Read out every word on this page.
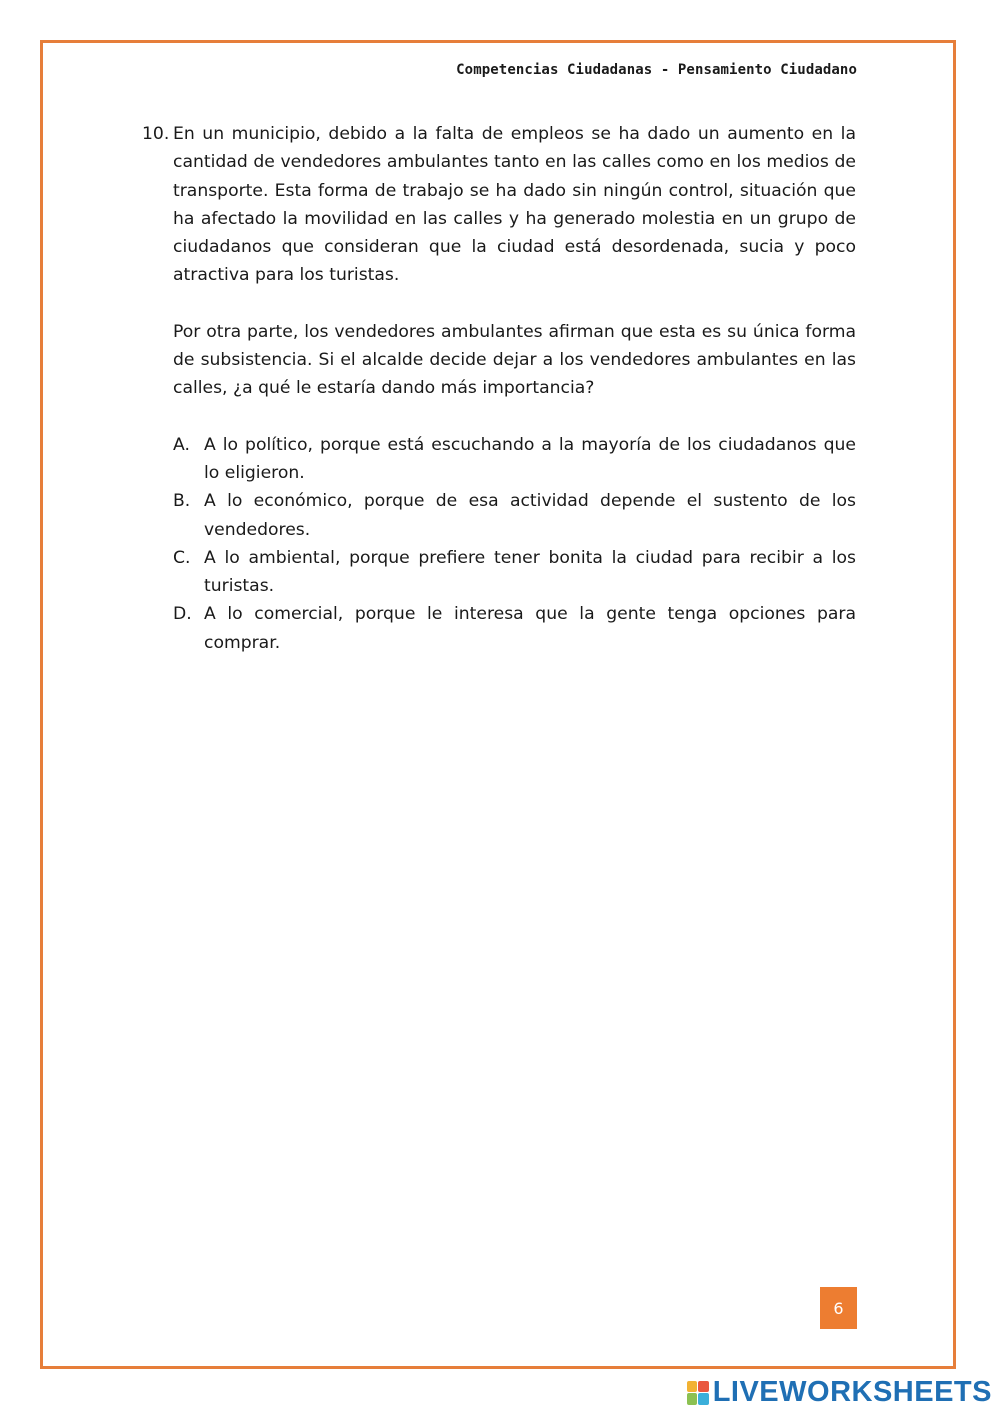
Competencias Ciudadanas - Pensamiento Ciudadano
10. En un municipio, debido a la falta de empleos se ha dado un aumento en la cantidad de vendedores ambulantes tanto en las calles como en los medios de transporte. Esta forma de trabajo se ha dado sin ningún control, situación que ha afectado la movilidad en las calles y ha generado molestia en un grupo de ciudadanos que consideran que la ciudad está desordenada, sucia y poco atractiva para los turistas.

Por otra parte, los vendedores ambulantes afirman que esta es su única forma de subsistencia. Si el alcalde decide dejar a los vendedores ambulantes en las calles, ¿a qué le estaría dando más importancia?

A. A lo político, porque está escuchando a la mayoría de los ciudadanos que lo eligieron.
B. A lo económico, porque de esa actividad depende el sustento de los vendedores.
C. A lo ambiental, porque prefiere tener bonita la ciudad para recibir a los turistas.
D. A lo comercial, porque le interesa que la gente tenga opciones para comprar.
6
LIVEWORKSHEETS
